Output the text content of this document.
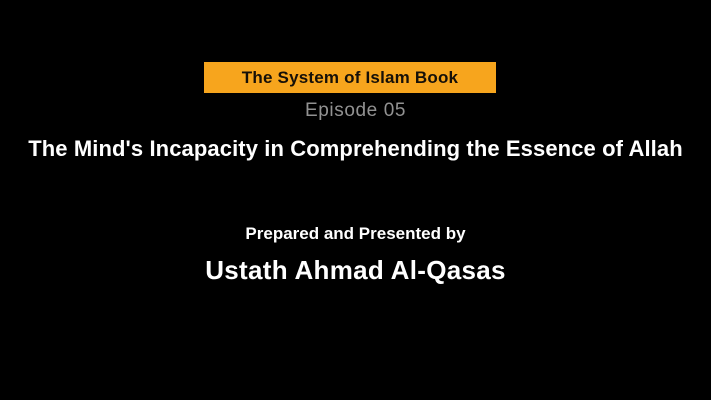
The System of Islam Book
Episode 05
The Mind's Incapacity in Comprehending the Essence of Allah
Prepared and Presented by
Ustath Ahmad Al-Qasas
